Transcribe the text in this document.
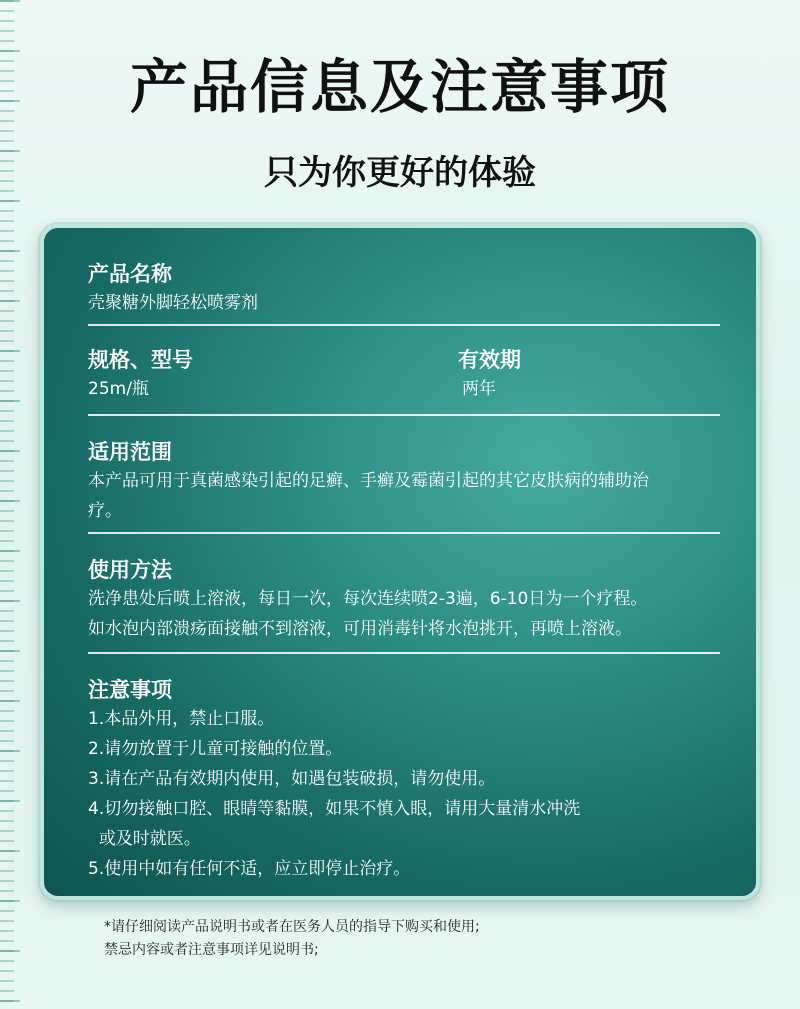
产品信息及注意事项
只为你更好的体验
产品名称
壳聚糖外脚轻松喷雾剂
规格、型号
25m/瓶
有效期
两年
适用范围
本产品可用于真菌感染引起的足癣、手癣及霉菌引起的其它皮肤病的辅助治
疗。
使用方法
洗净患处后喷上溶液，每日一次，每次连续喷2-3遍，6-10日为一个疗程。
如水泡内部溃疡面接触不到溶液，可用消毒针将水泡挑开，再喷上溶液。
注意事项
1.本品外用，禁止口服。
2.请勿放置于儿童可接触的位置。
3.请在产品有效期内使用，如遇包装破损，请勿使用。
4.切勿接触口腔、眼睛等黏膜，如果不慎入眼，请用大量清水冲洗
或及时就医。
5.使用中如有任何不适，应立即停止治疗。
*请仔细阅读产品说明书或者在医务人员的指导下购买和使用;
禁忌内容或者注意事项详见说明书;
